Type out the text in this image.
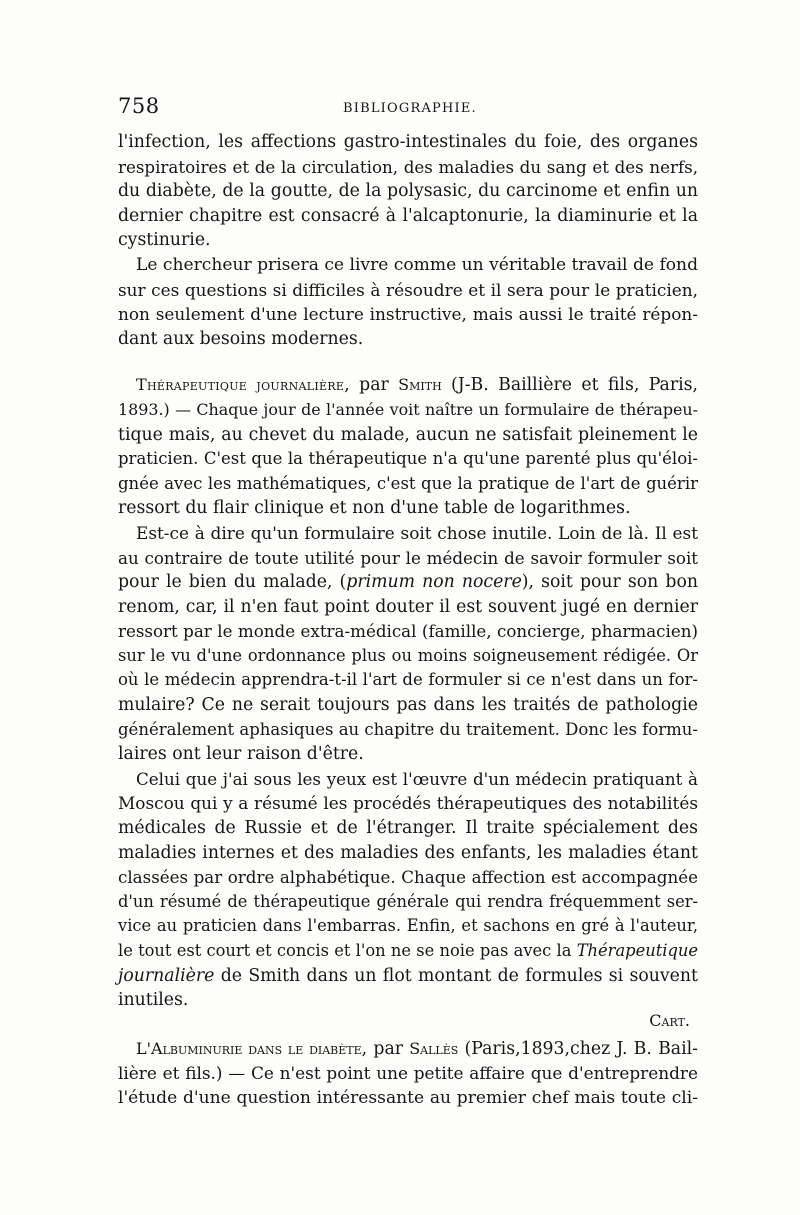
758	BIBLIOGRAPHIE.
l'infection, les affections gastro-intestinales du foie, des organes
respiratoires et de la circulation, des maladies du sang et des nerfs,
du diabète, de la goutte, de la polysasic, du carcinome et enfin un
dernier chapitre est consacré à l'alcaptonurie, la diaminurie et la
cystinurie.
Le chercheur prisera ce livre comme un véritable travail de fond
sur ces questions si difficiles à résoudre et il sera pour le praticien,
non seulement d'une lecture instructive, mais aussi le traité répon-
dant aux besoins modernes.
Thérapeutique journalière, par Smith (J-B. Baillière et fils, Paris,
1893.) — Chaque jour de l'année voit naître un formulaire de thérapeu-
tique mais, au chevet du malade, aucun ne satisfait pleinement le
praticien. C'est que la thérapeutique n'a qu'une parenté plus qu'éloi-
gnée avec les mathématiques, c'est que la pratique de l'art de guérir
ressort du flair clinique et non d'une table de logarithmes.
Est-ce à dire qu'un formulaire soit chose inutile. Loin de là. Il est
au contraire de toute utilité pour le médecin de savoir formuler soit
pour le bien du malade, (primum non nocere), soit pour son bon
renom, car, il n'en faut point douter il est souvent jugé en dernier
ressort par le monde extra-médical (famille, concierge, pharmacien)
sur le vu d'une ordonnance plus ou moins soigneusement rédigée. Or
où le médecin apprendra-t-il l'art de formuler si ce n'est dans un for-
mulaire? Ce ne serait toujours pas dans les traités de pathologie
généralement aphasiques au chapitre du traitement. Donc les formu-
laires ont leur raison d'être.
Celui que j'ai sous les yeux est l'œuvre d'un médecin pratiquant à
Moscou qui y a résumé les procédés thérapeutiques des notabilités
médicales de Russie et de l'étranger. Il traite spécialement des
maladies internes et des maladies des enfants, les maladies étant
classées par ordre alphabétique. Chaque affection est accompagnée
d'un résumé de thérapeutique générale qui rendra fréquemment ser-
vice au praticien dans l'embarras. Enfin, et sachons en gré à l'auteur,
le tout est court et concis et l'on ne se noie pas avec la Thérapeutique
journalière de Smith dans un flot montant de formules si souvent
inutiles.
Cart.
L'Albuminurie dans le diabète, par Sallès (Paris,1893,chez J. B. Bail-
lière et fils.) — Ce n'est point une petite affaire que d'entreprendre
l'étude d'une question intéressante au premier chef mais toute cli-
